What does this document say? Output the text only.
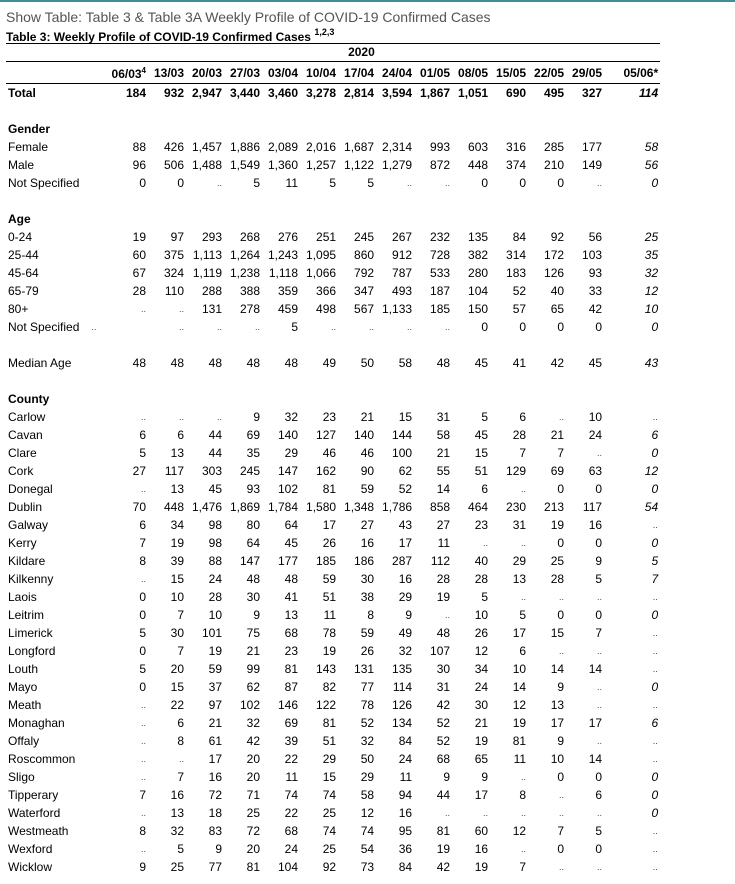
Show Table: Table 3 & Table 3A Weekly Profile of COVID-19 Confirmed Cases
Table 3: Weekly Profile of COVID-19 Confirmed Cases $^{1,2,3}$
							2020							
	$06/03^4$	13/03	20/03	27/03	03/04	10/04	17/04	24/04	01/05	08/05	15/05	22/05	29/05	05/06*
Total	184	932	2,947	3,440	3,460	3,278	2,814	3,594	1,867	1,051	690	495	327	114

Gender														
Female	88	426	1,457	1,886	2,089	2,016	1,687	2,314	993	603	316	285	177	58
Male	96	506	1,488	1,549	1,360	1,257	1,122	1,279	872	448	374	210	149	56
Not Specified	0	0	..	5	11	5	5	..	..	0	0	0	..	0

Age														
0-24	19	97	293	268	276	251	245	267	232	135	84	92	56	25
25-44	60	375	1,113	1,264	1,243	1,095	860	912	728	382	314	172	103	35
45-64	67	324	1,119	1,238	1,118	1,066	792	787	533	280	183	126	93	32
65-79	28	110	288	388	359	366	347	493	187	104	52	40	33	12
80+	..	..	131	278	459	498	567	1,133	185	150	57	65	42	10
Not Specified ..		..	..	..	5	..	..	..	..	0	0	0	0	0

Median Age	48	48	48	48	48	49	50	58	48	45	41	42	45	43

County														
Carlow	..	..	..	9	32	23	21	15	31	5	6	..	10	..
Cavan	6	6	44	69	140	127	140	144	58	45	28	21	24	6
Clare	5	13	44	35	29	46	46	100	21	15	7	7	..	0
Cork	27	117	303	245	147	162	90	62	55	51	129	69	63	12
Donegal	..	13	45	93	102	81	59	52	14	6	..	0	0	0
Dublin	70	448	1,476	1,869	1,784	1,580	1,348	1,786	858	464	230	213	117	54
Galway	6	34	98	80	64	17	27	43	27	23	31	19	16	..
Kerry	7	19	98	64	45	26	16	17	11	..	..	0	0	0
Kildare	8	39	88	147	177	185	186	287	112	40	29	25	9	5
Kilkenny	..	15	24	48	48	59	30	16	28	28	13	28	5	7
Laois	0	10	28	30	41	51	38	29	19	5	..	..	..	..
Leitrim	0	7	10	9	13	11	8	9	..	10	5	0	0	0
Limerick	5	30	101	75	68	78	59	49	48	26	17	15	7	..
Longford	0	7	19	21	23	19	26	32	107	12	6	..	..	..
Louth	5	20	59	99	81	143	131	135	30	34	10	14	14	..
Mayo	0	15	37	62	87	82	77	114	31	24	14	9	..	0
Meath	..	22	97	102	146	122	78	126	42	30	12	13	..	..
Monaghan	..	6	21	32	69	81	52	134	52	21	19	17	17	6
Offaly	..	8	61	42	39	51	32	84	52	19	81	9	..	..
Roscommon	..	..	17	20	22	29	50	24	68	65	11	10	14	..
Sligo	..	7	16	20	11	15	29	11	9	9	..	0	0	0
Tipperary	7	16	72	71	74	74	58	94	44	17	8	..	6	0
Waterford	..	13	18	25	22	25	12	16	..	..	..	..	..	0
Westmeath	8	32	83	72	68	74	74	95	81	60	12	7	5	..
Wexford	..	5	9	20	24	25	54	36	19	16	..	0	0	..
Wicklow	9	25	77	81	104	92	73	84	42	19	7	..	..	..
